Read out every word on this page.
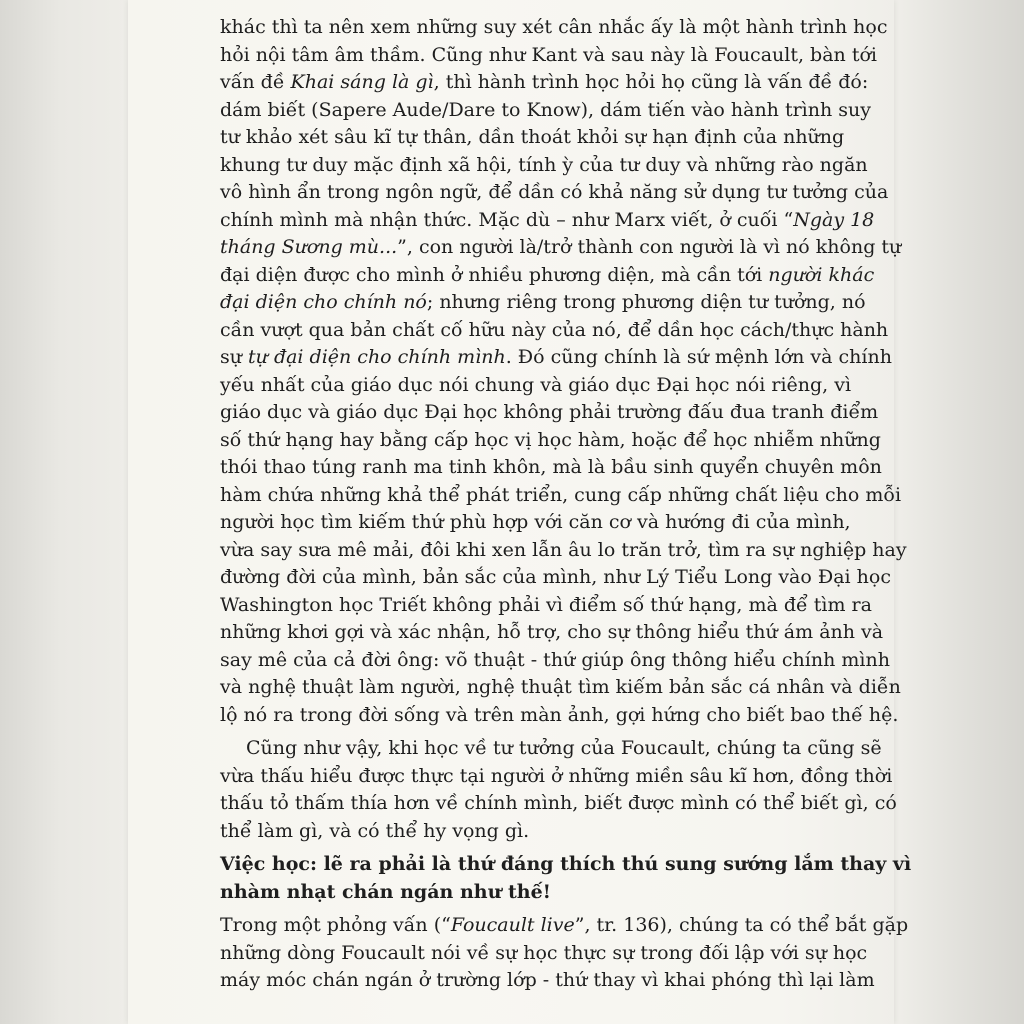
khác thì ta nên xem những suy xét cân nhắc ấy là một hành trình học
hỏi nội tâm âm thầm. Cũng như Kant và sau này là Foucault, bàn tới
vấn đề Khai sáng là gì, thì hành trình học hỏi họ cũng là vấn đề đó:
dám biết (Sapere Aude/Dare to Know), dám tiến vào hành trình suy
tư khảo xét sâu kĩ tự thân, dần thoát khỏi sự hạn định của những
khung tư duy mặc định xã hội, tính ỳ của tư duy và những rào ngăn
vô hình ẩn trong ngôn ngữ, để dần có khả năng sử dụng tư tưởng của
chính mình mà nhận thức. Mặc dù – như Marx viết, ở cuối “Ngày 18
tháng Sương mù...”, con người là/trở thành con người là vì nó không tự
đại diện được cho mình ở nhiều phương diện, mà cần tới người khác
đại diện cho chính nó; nhưng riêng trong phương diện tư tưởng, nó
cần vượt qua bản chất cố hữu này của nó, để dần học cách/thực hành
sự tự đại diện cho chính mình. Đó cũng chính là sứ mệnh lớn và chính
yếu nhất của giáo dục nói chung và giáo dục Đại học nói riêng, vì
giáo dục và giáo dục Đại học không phải trường đấu đua tranh điểm
số thứ hạng hay bằng cấp học vị học hàm, hoặc để học nhiễm những
thói thao túng ranh ma tinh khôn, mà là bầu sinh quyển chuyên môn
hàm chứa những khả thể phát triển, cung cấp những chất liệu cho mỗi
người học tìm kiếm thứ phù hợp với căn cơ và hướng đi của mình,
vừa say sưa mê mải, đôi khi xen lẫn âu lo trăn trở, tìm ra sự nghiệp hay
đường đời của mình, bản sắc của mình, như Lý Tiểu Long vào Đại học
Washington học Triết không phải vì điểm số thứ hạng, mà để tìm ra
những khơi gợi và xác nhận, hỗ trợ, cho sự thông hiểu thứ ám ảnh và
say mê của cả đời ông: võ thuật - thứ giúp ông thông hiểu chính mình
và nghệ thuật làm người, nghệ thuật tìm kiếm bản sắc cá nhân và diễn
lộ nó ra trong đời sống và trên màn ảnh, gợi hứng cho biết bao thế hệ.

Cũng như vậy, khi học về tư tưởng của Foucault, chúng ta cũng sẽ
vừa thấu hiểu được thực tại người ở những miền sâu kĩ hơn, đồng thời
thấu tỏ thấm thía hơn về chính mình, biết được mình có thể biết gì, có
thể làm gì, và có thể hy vọng gì.

Việc học: lẽ ra phải là thứ đáng thích thú sung sướng lắm thay vì
nhàm nhạt chán ngán như thế!

Trong một phỏng vấn (“Foucault live”, tr. 136), chúng ta có thể bắt gặp
những dòng Foucault nói về sự học thực sự trong đối lập với sự học
máy móc chán ngán ở trường lớp - thứ thay vì khai phóng thì lại làm
